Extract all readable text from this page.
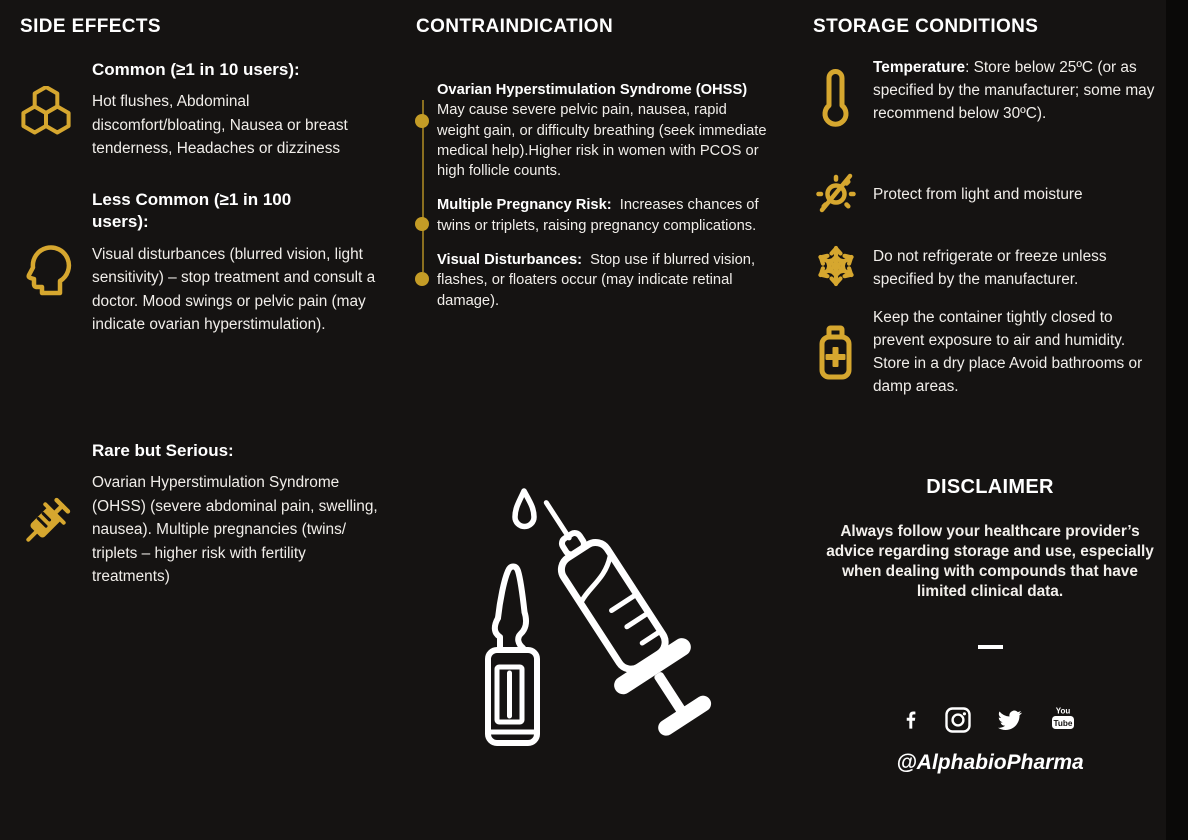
SIDE EFFECTS
Common (≥1 in 10 users):
Hot flushes, Abdominal discomfort/bloating, Nausea or breast tenderness, Headaches or dizziness
Less Common (≥1 in 100 users):
Visual disturbances (blurred vision, light sensitivity) – stop treatment and consult a doctor. Mood swings or pelvic pain (may indicate ovarian hyperstimulation).
Rare but Serious:
Ovarian Hyperstimulation Syndrome (OHSS) (severe abdominal pain, swelling, nausea). Multiple pregnancies (twins/ triplets – higher risk with fertility treatments)
CONTRAINDICATION
Ovarian Hyperstimulation Syndrome (OHSS)
May cause severe pelvic pain, nausea, rapid weight gain, or difficulty breathing (seek immediate medical help).Higher risk in women with PCOS or high follicle counts.
Multiple Pregnancy Risk: Increases chances of twins or triplets, raising pregnancy complications.
Visual Disturbances: Stop use if blurred vision, flashes, or floaters occur (may indicate retinal damage).
STORAGE CONDITIONS
Temperature: Store below 25ºC (or as specified by the manufacturer; some may recommend below 30ºC).
Protect from light and moisture
Do not refrigerate or freeze unless specified by the manufacturer.
Keep the container tightly closed to prevent exposure to air and humidity. Store in a dry place Avoid bathrooms or damp areas.
DISCLAIMER
Always follow your healthcare provider’s advice regarding storage and use, especially when dealing with compounds that have limited clinical data.
You
Tube
@AlphabioPharma
